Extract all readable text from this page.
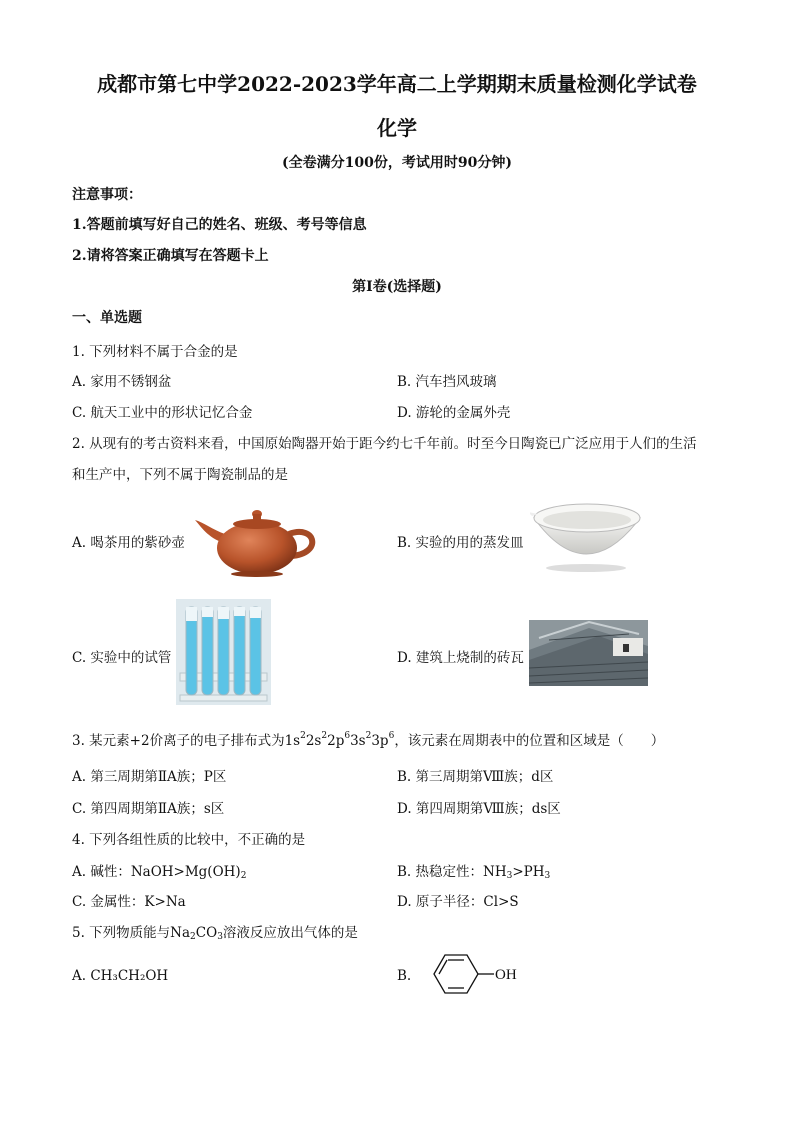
成都市第七中学2022-2023学年高二上学期期末质量检测化学试卷
化学
(全卷满分100份，考试用时90分钟)
注意事项：
1.答题前填写好自己的姓名、班级、考号等信息
2.请将答案正确填写在答题卡上
第Ⅰ卷(选择题)
一、单选题
1. 下列材料不属于合金的是
A. 家用不锈钢盆	B. 汽车挡风玻璃
C. 航天工业中的形状记忆合金	D. 游轮的金属外壳
2. 从现有的考古资料来看，中国原始陶器开始于距今约七千年前。时至今日陶瓷已广泛应用于人们的生活
和生产中，下列不属于陶瓷制品的是
A. 喝茶用的紫砂壶	B. 实验的用的蒸发皿
C. 实验中的试管	D. 建筑上烧制的砖瓦
3. 某元素+2价离子的电子排布式为$1s^22s^22p^63s^23p^6$，该元素在周期表中的位置和区域是（　　）
A. 第三周期第ⅡA族；P区	B. 第三周期第Ⅷ族；d区
C. 第四周期第ⅡA族；s区	D. 第四周期第Ⅷ族；ds区
4. 下列各组性质的比较中，不正确的是
A. 碱性：$NaOH>Mg(OH)_2$	B. 热稳定性：$NH_3>PH_3$
C. 金属性：K>Na	D. 原子半径：Cl>S
5. 下列物质能与$Na_2CO_3$溶液反应放出气体的是
A. CH₃CH₂OH	B.	OH
